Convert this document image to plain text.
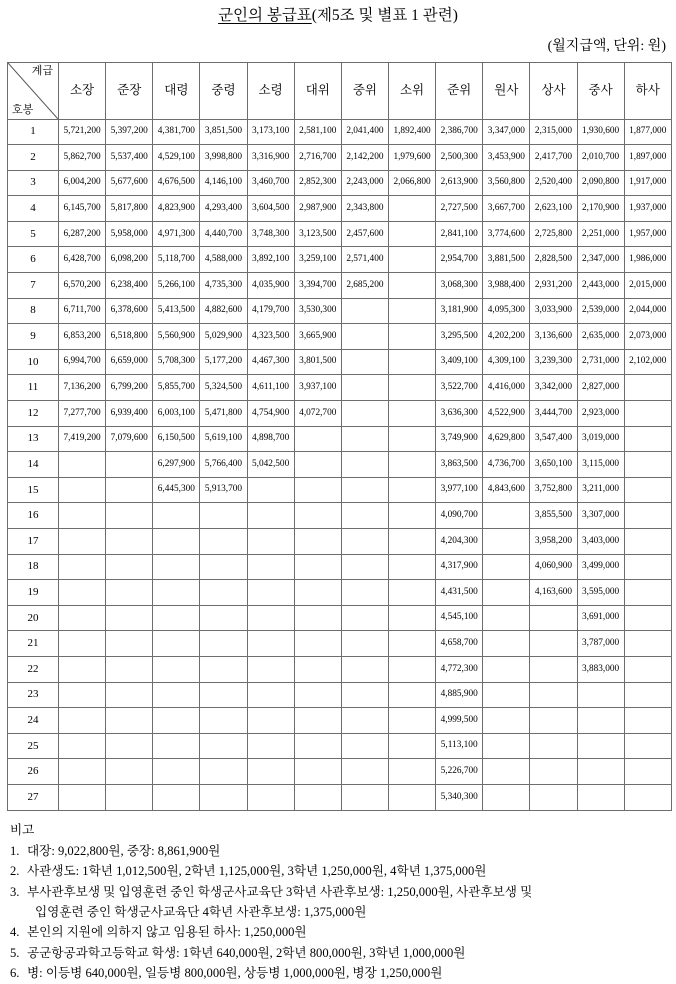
군인의 봉급표(제5조 및 별표 1 관련)
(월지급액, 단위: 원)
계급
호봉	소장	준장	대령	중령	소령	대위	중위	소위	준위	원사	상사	중사	하사
1	5,721,200	5,397,200	4,381,700	3,851,500	3,173,100	2,581,100	2,041,400	1,892,400	2,386,700	3,347,000	2,315,000	1,930,600	1,877,000
2	5,862,700	5,537,400	4,529,100	3,998,800	3,316,900	2,716,700	2,142,200	1,979,600	2,500,300	3,453,900	2,417,700	2,010,700	1,897,000
3	6,004,200	5,677,600	4,676,500	4,146,100	3,460,700	2,852,300	2,243,000	2,066,800	2,613,900	3,560,800	2,520,400	2,090,800	1,917,000
4	6,145,700	5,817,800	4,823,900	4,293,400	3,604,500	2,987,900	2,343,800		2,727,500	3,667,700	2,623,100	2,170,900	1,937,000
5	6,287,200	5,958,000	4,971,300	4,440,700	3,748,300	3,123,500	2,457,600		2,841,100	3,774,600	2,725,800	2,251,000	1,957,000
6	6,428,700	6,098,200	5,118,700	4,588,000	3,892,100	3,259,100	2,571,400		2,954,700	3,881,500	2,828,500	2,347,000	1,986,000
7	6,570,200	6,238,400	5,266,100	4,735,300	4,035,900	3,394,700	2,685,200		3,068,300	3,988,400	2,931,200	2,443,000	2,015,000
8	6,711,700	6,378,600	5,413,500	4,882,600	4,179,700	3,530,300			3,181,900	4,095,300	3,033,900	2,539,000	2,044,000
9	6,853,200	6,518,800	5,560,900	5,029,900	4,323,500	3,665,900			3,295,500	4,202,200	3,136,600	2,635,000	2,073,000
10	6,994,700	6,659,000	5,708,300	5,177,200	4,467,300	3,801,500			3,409,100	4,309,100	3,239,300	2,731,000	2,102,000
11	7,136,200	6,799,200	5,855,700	5,324,500	4,611,100	3,937,100			3,522,700	4,416,000	3,342,000	2,827,000	
12	7,277,700	6,939,400	6,003,100	5,471,800	4,754,900	4,072,700			3,636,300	4,522,900	3,444,700	2,923,000	
13	7,419,200	7,079,600	6,150,500	5,619,100	4,898,700				3,749,900	4,629,800	3,547,400	3,019,000	
14			6,297,900	5,766,400	5,042,500				3,863,500	4,736,700	3,650,100	3,115,000	
15			6,445,300	5,913,700					3,977,100	4,843,600	3,752,800	3,211,000	
16									4,090,700		3,855,500	3,307,000	
17									4,204,300		3,958,200	3,403,000	
18									4,317,900		4,060,900	3,499,000	
19									4,431,500		4,163,600	3,595,000	
20									4,545,100			3,691,000	
21									4,658,700			3,787,000	
22									4,772,300			3,883,000	
23									4,885,900				
24									4,999,500				
25									5,113,100				
26									5,226,700				
27									5,340,300				
비고
1. 대장: 9,022,800원, 중장: 8,861,900원
2. 사관생도: 1학년 1,012,500원, 2학년 1,125,000원, 3학년 1,250,000원, 4학년 1,375,000원
3. 부사관후보생 및 입영훈련 중인 학생군사교육단 3학년 사관후보생: 1,250,000원, 사관후보생 및
입영훈련 중인 학생군사교육단 4학년 사관후보생: 1,375,000원
4. 본인의 지원에 의하지 않고 임용된 하사: 1,250,000원
5. 공군항공과학고등학교 학생: 1학년 640,000원, 2학년 800,000원, 3학년 1,000,000원
6. 병: 이등병 640,000원, 일등병 800,000원, 상등병 1,000,000원, 병장 1,250,000원
